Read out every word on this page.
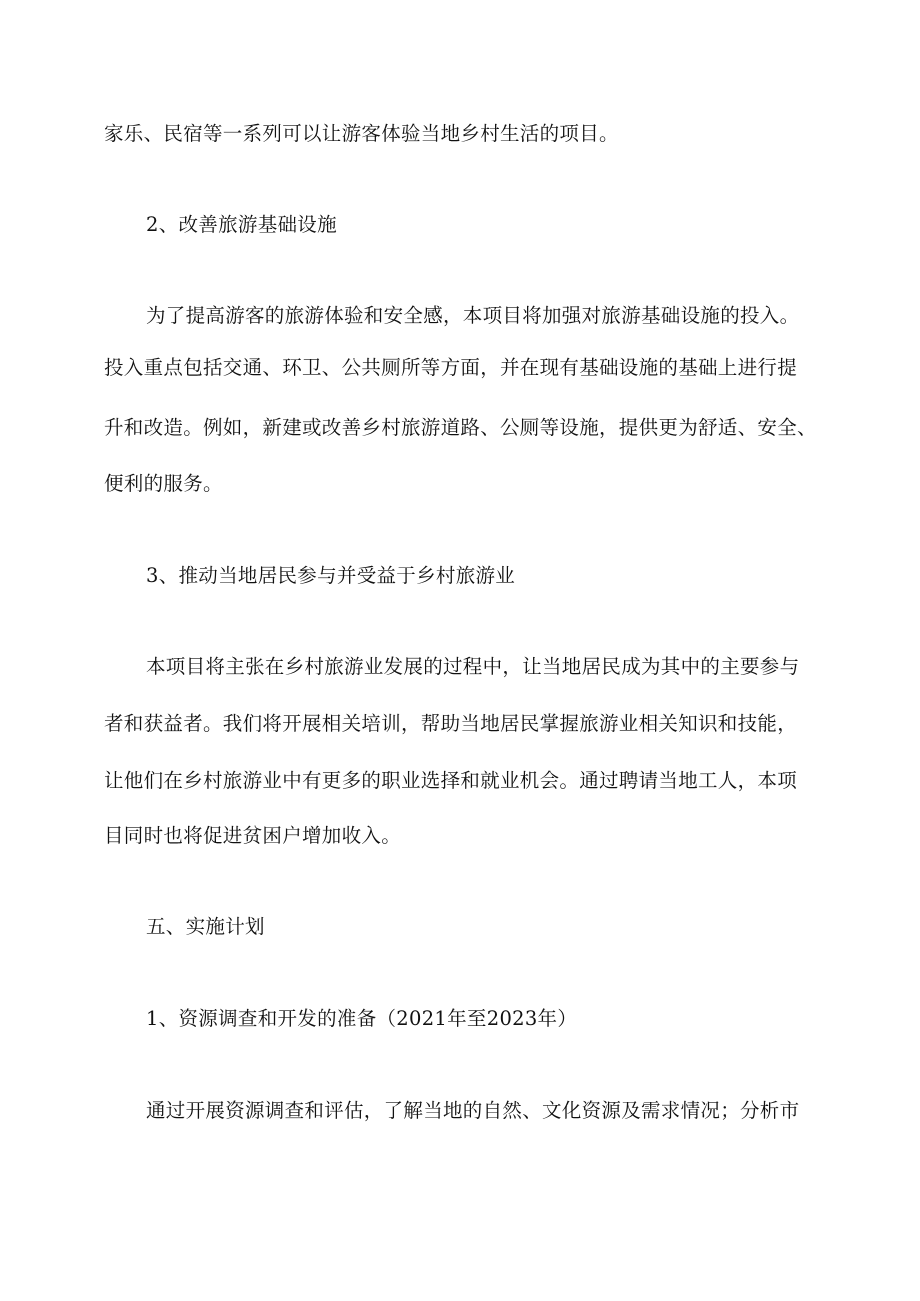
家乐、民宿等一系列可以让游客体验当地乡村生活的项目。
2、改善旅游基础设施
为了提高游客的旅游体验和安全感，本项目将加强对旅游基础设施的投入。
投入重点包括交通、环卫、公共厕所等方面，并在现有基础设施的基础上进行提
升和改造。例如，新建或改善乡村旅游道路、公厕等设施，提供更为舒适、安全、
便利的服务。
3、推动当地居民参与并受益于乡村旅游业
本项目将主张在乡村旅游业发展的过程中，让当地居民成为其中的主要参与
者和获益者。我们将开展相关培训，帮助当地居民掌握旅游业相关知识和技能，
让他们在乡村旅游业中有更多的职业选择和就业机会。通过聘请当地工人，本项
目同时也将促进贫困户增加收入。
五、实施计划
1、资源调查和开发的准备（2021年至2023年）
通过开展资源调查和评估，了解当地的自然、文化资源及需求情况；分析市
